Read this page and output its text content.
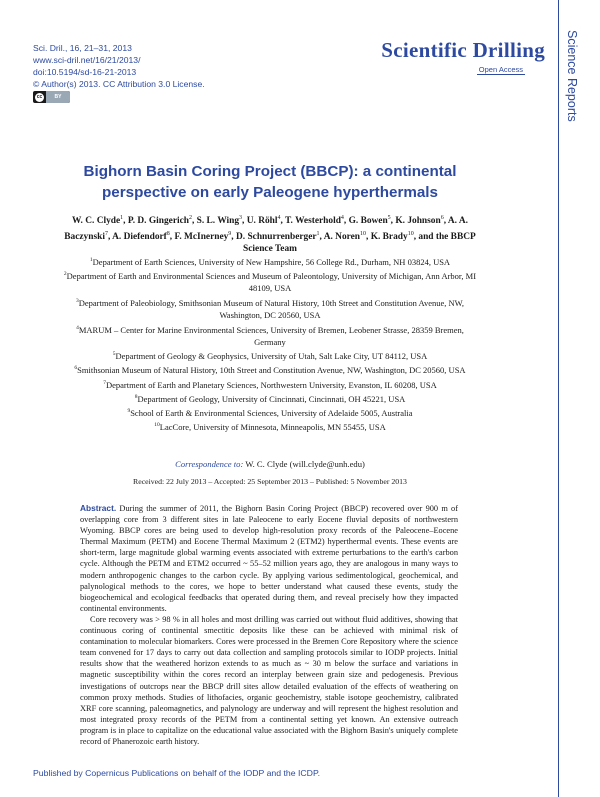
Sci. Dril., 16, 21–31, 2013
www.sci-dril.net/16/21/2013/
doi:10.5194/sd-16-21-2013
© Author(s) 2013. CC Attribution 3.0 License.
cc	BY
Scientific Drilling
Open Access	Science Reports
Bighorn Basin Coring Project (BBCP): a continental
perspective on early Paleogene hyperthermals
W. C. Clyde$^1$, P. D. Gingerich$^2$, S. L. Wing$^3$, U. Röhl$^4$, T. Westerhold$^4$, G. Bowen$^5$, K. Johnson$^6$, A. A. Baczynski$^7$, A. Diefendorf$^8$, F. McInerney$^9$, D. Schnurrenberger$^1$, A. Noren$^{10}$, K. Brady$^{10}$, and the BBCP Science Team
$^1$Department of Earth Sciences, University of New Hampshire, 56 College Rd., Durham, NH 03824, USA
$^2$Department of Earth and Environmental Sciences and Museum of Paleontology, University of Michigan, Ann Arbor, MI 48109, USA
$^3$Department of Paleobiology, Smithsonian Museum of Natural History, 10th Street and Constitution Avenue, NW, Washington, DC 20560, USA
$^4$MARUM – Center for Marine Environmental Sciences, University of Bremen, Leobener Strasse, 28359 Bremen, Germany
$^5$Department of Geology & Geophysics, University of Utah, Salt Lake City, UT 84112, USA
$^6$Smithsonian Museum of Natural History, 10th Street and Constitution Avenue, NW, Washington, DC 20560, USA
$^7$Department of Earth and Planetary Sciences, Northwestern University, Evanston, IL 60208, USA
$^8$Department of Geology, University of Cincinnati, Cincinnati, OH 45221, USA
$^9$School of Earth & Environmental Sciences, University of Adelaide 5005, Australia
$^{10}$LacCore, University of Minnesota, Minneapolis, MN 55455, USA
Correspondence to: W. C. Clyde (will.clyde@unh.edu)
Received: 22 July 2013 – Accepted: 25 September 2013 – Published: 5 November 2013

Abstract. During the summer of 2011, the Bighorn Basin Coring Project (BBCP) recovered over 900 m of overlapping core from 3 different sites in late Paleocene to early Eocene fluvial deposits of northwestern Wyoming. BBCP cores are being used to develop high-resolution proxy records of the Paleocene–Eocene Thermal Maximum (PETM) and Eocene Thermal Maximum 2 (ETM2) hyperthermal events. These events are short-term, large magnitude global warming events associated with extreme perturbations to the earth's carbon cycle. Although the PETM and ETM2 occurred ~ 55–52 million years ago, they are analogous in many ways to modern anthropogenic changes to the carbon cycle. By applying various sedimentological, geochemical, and palynological methods to the cores, we hope to better understand what caused these events, study the biogeochemical and ecological feedbacks that operated during them, and reveal precisely how they impacted continental environments.

Core recovery was > 98 % in all holes and most drilling was carried out without fluid additives, showing that continuous coring of continental smectitic deposits like these can be achieved with minimal risk of contamination to molecular biomarkers. Cores were processed in the Bremen Core Repository where the science team convened for 17 days to carry out data collection and sampling protocols similar to IODP projects. Initial results show that the weathered horizon extends to as much as ~ 30 m below the surface and variations in magnetic susceptibility within the cores record an interplay between grain size and pedogenesis. Previous investigations of outcrops near the BBCP drill sites allow detailed evaluation of the effects of weathering on common proxy methods. Studies of lithofacies, organic geochemistry, stable isotope geochemistry, calibrated XRF core scanning, paleomagnetics, and palynology are underway and will represent the highest resolution and most integrated proxy records of the PETM from a continental setting yet known. An extensive outreach program is in place to capitalize on the educational value associated with the Bighorn Basin's uniquely complete record of Phanerozoic earth history.

Published by Copernicus Publications on behalf of the IODP and the ICDP.
